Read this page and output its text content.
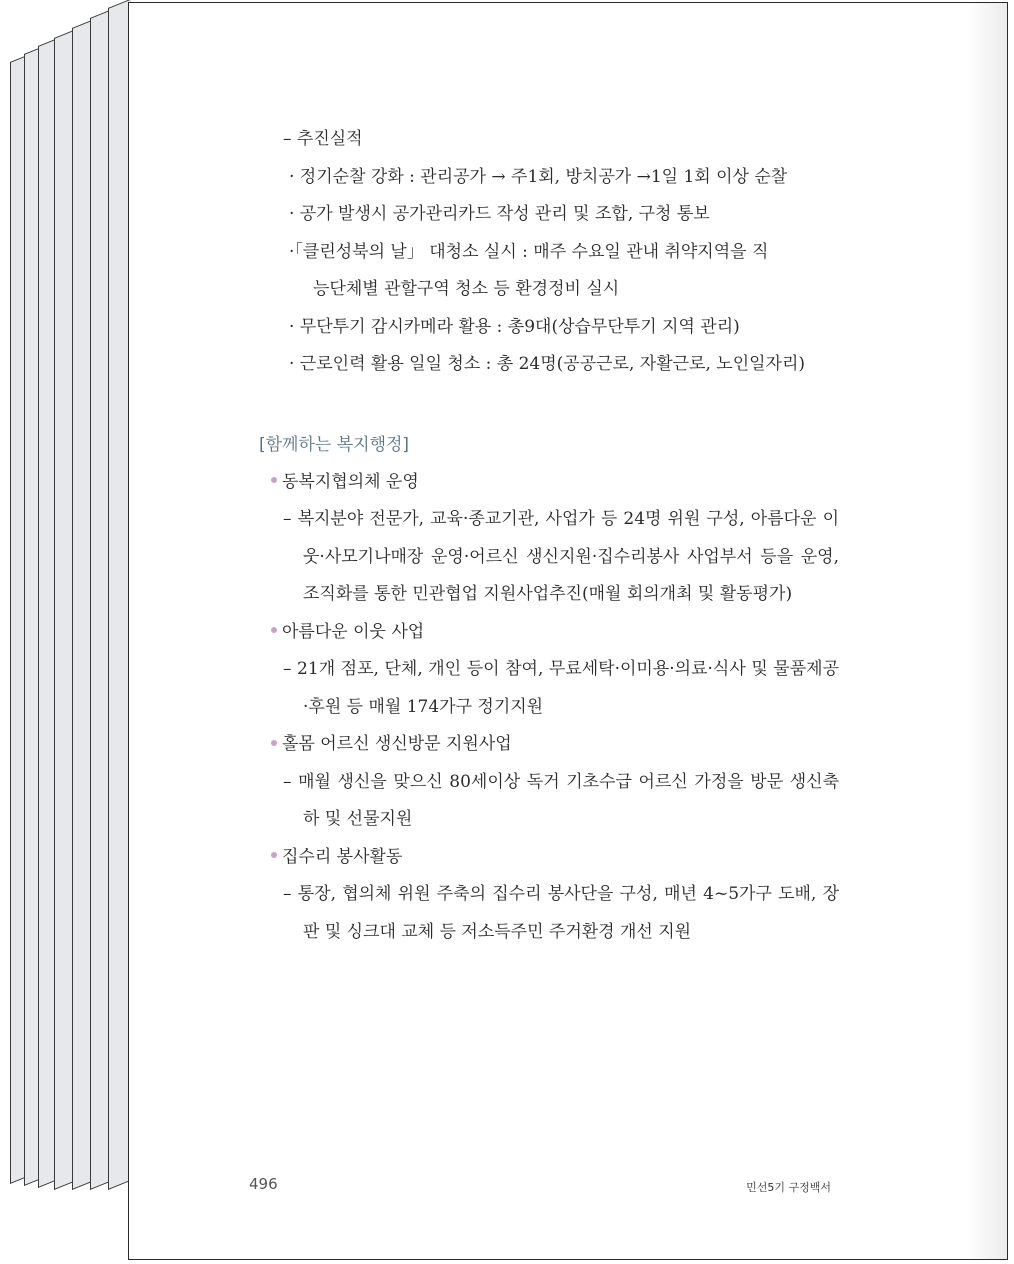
– 추진실적
· 정기순찰 강화 : 관리공가 → 주1회, 방치공가 →1일 1회 이상 순찰
· 공가 발생시 공가관리카드 작성 관리 및 조합, 구청 통보
·「클린성북의 날」 대청소 실시 : 매주 수요일 관내 취약지역을 직
능단체별 관할구역 청소 등 환경정비 실시
· 무단투기 감시카메라 활용 : 총9대(상습무단투기 지역 관리)
· 근로인력 활용 일일 청소 : 총 24명(공공근로, 자활근로, 노인일자리)
[함께하는 복지행정]
동복지협의체 운영
– 복지분야 전문가, 교육·종교기관, 사업가 등 24명 위원 구성, 아름다운 이웃·사모기나매장 운영·어르신 생신지원·집수리봉사 사업부서 등을 운영, 조직화를 통한 민관협업 지원사업추진(매월 회의개최 및 활동평가)
아름다운 이웃 사업
– 21개 점포, 단체, 개인 등이 참여, 무료세탁·이미용·의료·식사 및 물품제공·후원 등 매월 174가구 정기지원
홀몸 어르신 생신방문 지원사업
– 매월 생신을 맞으신 80세이상 독거 기초수급 어르신 가정을 방문 생신축하 및 선물지원
집수리 봉사활동
– 통장, 협의체 위원 주축의 집수리 봉사단을 구성, 매년 4~5가구 도배, 장판 및 싱크대 교체 등 저소득주민 주거환경 개선 지원
496	민선5기 구정백서
